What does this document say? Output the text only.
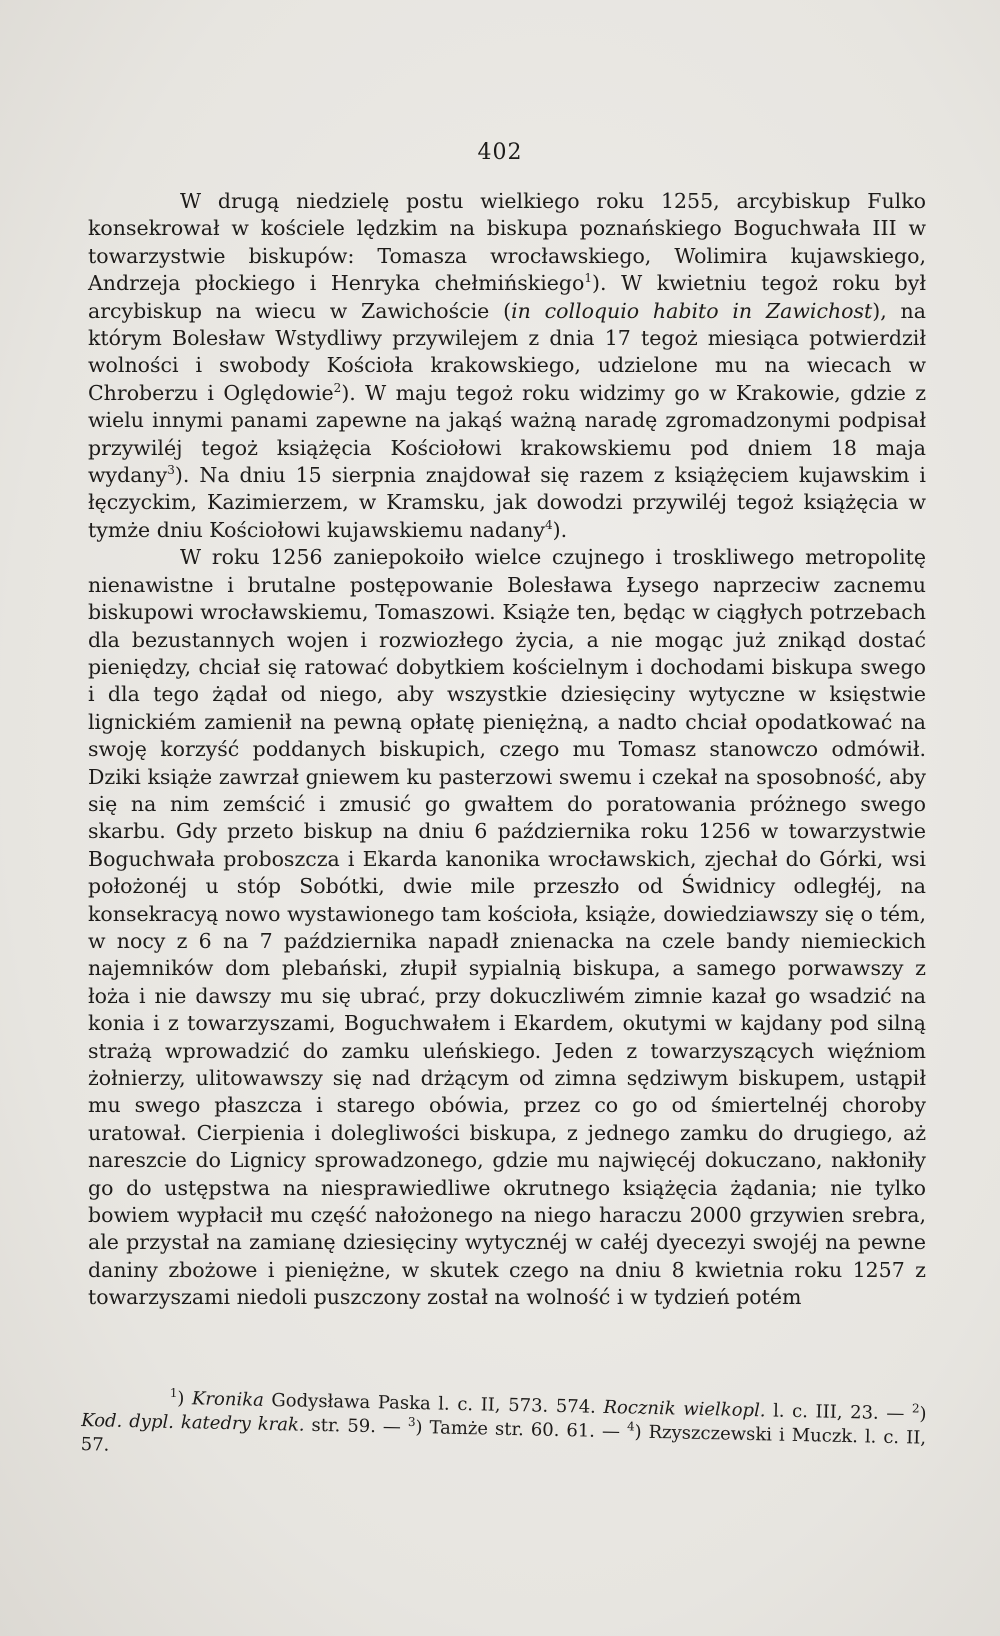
402

W drugą niedzielę postu wielkiego roku 1255, arcybiskup Fulko konsekrował w kościele lędzkim na biskupa poznańskiego Boguchwała III w towarzystwie biskupów: Tomasza wrocławskiego, Wolimira kujawskiego, Andrzeja płockiego i Henryka chełmińskiego$^1$). W kwietniu tegoż roku był arcybiskup na wiecu w Zawichoście (in colloquio habito in Zawichost), na którym Bolesław Wstydliwy przywilejem z dnia 17 tegoż miesiąca potwierdził wolności i swobody Kościoła krakowskiego, udzielone mu na wiecach w Chroberzu i Oględowie$^2$). W maju tegoż roku widzimy go w Krakowie, gdzie z wielu innymi panami zapewne na jakąś ważną naradę zgromadzonymi podpisał przywiléj tegoż książęcia Kościołowi krakowskiemu pod dniem 18 maja wydany$^3$). Na dniu 15 sierpnia znajdował się razem z książęciem kujawskim i łęczyckim, Kazimierzem, w Kramsku, jak dowodzi przywiléj tegoż książęcia w tymże dniu Kościołowi kujawskiemu nadany$^4$).

W roku 1256 zaniepokoiło wielce czujnego i troskliwego metropolitę nienawistne i brutalne postępowanie Bolesława Łysego naprzeciw zacnemu biskupowi wrocławskiemu, Tomaszowi. Książe ten, będąc w ciągłych potrzebach dla bezustannych wojen i rozwiozłego życia, a nie mogąc już znikąd dostać pieniędzy, chciał się ratować dobytkiem kościelnym i dochodami biskupa swego i dla tego żądał od niego, aby wszystkie dziesięciny wytyczne w księstwie lignickiém zamienił na pewną opłatę pieniężną, a nadto chciał opodatkować na swoję korzyść poddanych biskupich, czego mu Tomasz stanowczo odmówił. Dziki książe zawrzał gniewem ku pasterzowi swemu i czekał na sposobność, aby się na nim zemścić i zmusić go gwałtem do poratowania próżnego swego skarbu. Gdy przeto biskup na dniu 6 października roku 1256 w towarzystwie Boguchwała proboszcza i Ekarda kanonika wrocławskich, zjechał do Górki, wsi położonéj u stóp Sobótki, dwie mile przeszło od Świdnicy odległéj, na konsekracyą nowo wystawionego tam kościoła, książe, dowiedziawszy się o tém, w nocy z 6 na 7 października napadł znienacka na czele bandy niemieckich najemników dom plebański, złupił sypialnią biskupa, a samego porwawszy z łoża i nie dawszy mu się ubrać, przy dokuczliwém zimnie kazał go wsadzić na konia i z towarzyszami, Boguchwałem i Ekardem, okutymi w kajdany pod silną strażą wprowadzić do zamku uleńskiego. Jeden z towarzyszących więźniom żołnierzy, ulitowawszy się nad drżącym od zimna sędziwym biskupem, ustąpił mu swego płaszcza i starego obówia, przez co go od śmiertelnéj choroby uratował. Cierpienia i dolegliwości biskupa, z jednego zamku do drugiego, aż nareszcie do Lignicy sprowadzonego, gdzie mu najwięcéj dokuczano, nakłoniły go do ustępstwa na niesprawiedliwe okrutnego książęcia żądania; nie tylko bowiem wypłacił mu część nałożonego na niego haraczu 2000 grzywien srebra, ale przystał na zamianę dziesięciny wytycznéj w całéj dyecezyi swojéj na pewne daniny zbożowe i pieniężne, w skutek czego na dniu 8 kwietnia roku 1257 z towarzyszami niedoli puszczony został na wolność i w tydzień potém

$^1$) Kronika Godysława Paska l. c. II, 573. 574. Rocznik wielkopl. l. c. III, 23. — $^2$) Kod. dypl. katedry krak. str. 59. — $^3$) Tamże str. 60. 61. — $^4$) Rzyszczewski i Muczk. l. c. II, 57.
